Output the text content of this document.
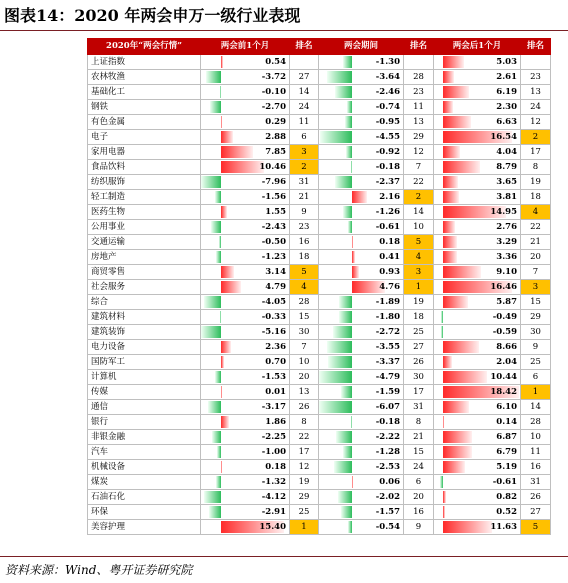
图表14：2020 年两会申万一级行业表现
2020年“两会行情”	两会前1个月	排名	两会期间	排名	两会后1个月	排名
上证指数	0.54		-1.30		5.03	

农林牧渔	-3.72	27	-3.64	28	2.61	23
基础化工	-0.10	14	-2.46	23	6.19	13
钢铁	-2.70	24	-0.74	11	2.30	24
有色金属	0.29	11	-0.95	13	6.63	12
电子	2.88	6	-4.55	29	16.54	2
家用电器	7.85	3	-0.92	12	4.04	17
食品饮料	10.46	2	-0.18	7	8.79	8
纺织服饰	-7.96	31	-2.37	22	3.65	19
轻工制造	-1.56	21	2.16	2	3.81	18
医药生物	1.55	9	-1.26	14	14.95	4
公用事业	-2.43	23	-0.61	10	2.76	22
交通运输	-0.50	16	0.18	5	3.29	21
房地产	-1.23	18	0.41	4	3.36	20
商贸零售	3.14	5	0.93	3	9.10	7
社会服务	4.79	4	4.76	1	16.46	3
综合	-4.05	28	-1.89	19	5.87	15
建筑材料	-0.33	15	-1.80	18	-0.49	29
建筑装饰	-5.16	30	-2.72	25	-0.59	30
电力设备	2.36	7	-3.55	27	8.66	9
国防军工	0.70	10	-3.37	26	2.04	25
计算机	-1.53	20	-4.79	30	10.44	6
传媒	0.01	13	-1.59	17	18.42	1
通信	-3.17	26	-6.07	31	6.10	14
银行	1.86	8	-0.18	8	0.14	28
非银金融	-2.25	22	-2.22	21	6.87	10
汽车	-1.00	17	-1.28	15	6.79	11
机械设备	0.18	12	-2.53	24	5.19	16
煤炭	-1.32	19	0.06	6	-0.61	31
石油石化	-4.12	29	-2.02	20	0.82	26
环保	-2.91	25	-1.57	16	0.52	27
美容护理	15.40	1	-0.54	9	11.63	5
资料来源：Wind、粤开证券研究院
